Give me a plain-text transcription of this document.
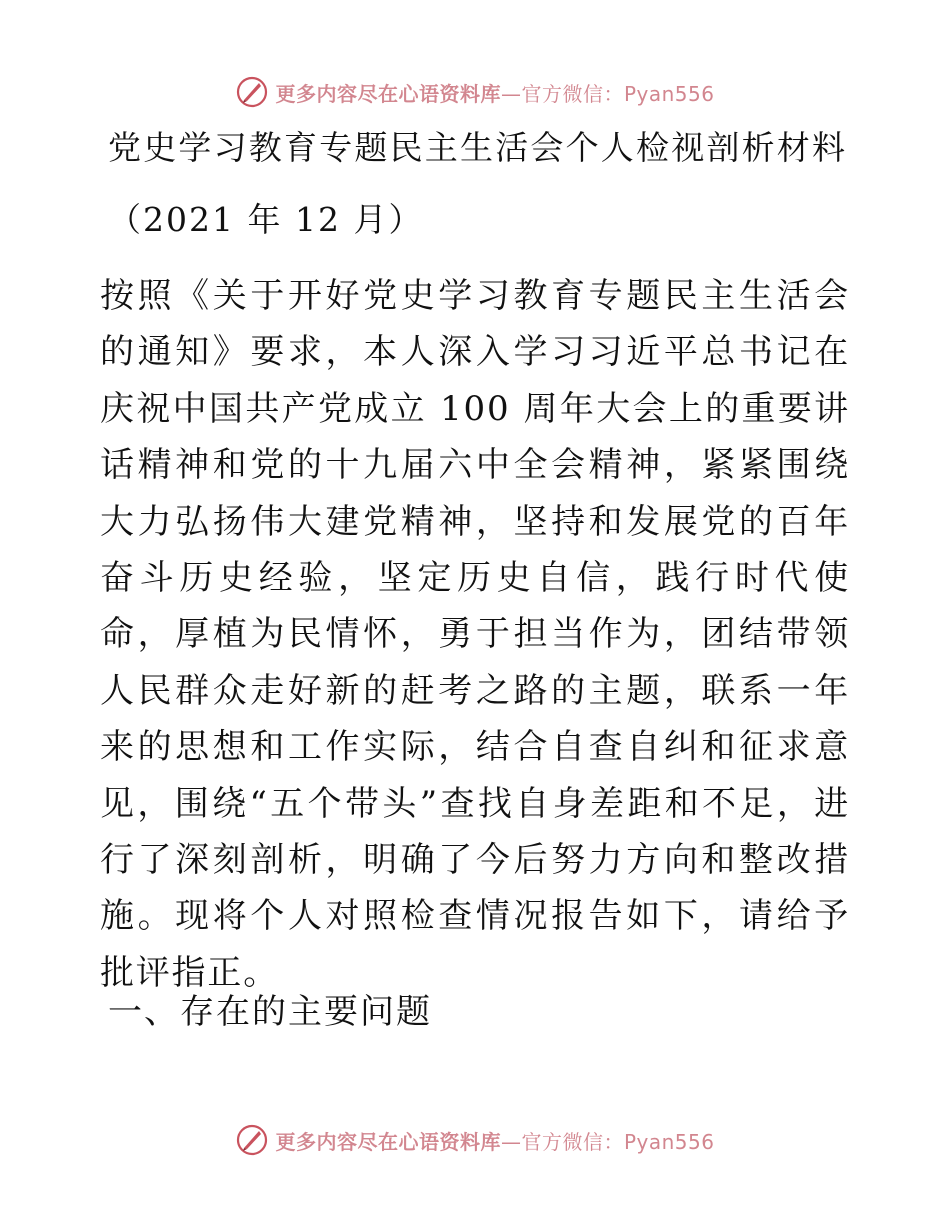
更多内容尽在心语资料库—官方微信：Pyan556
党史学习教育专题民主生活会个人检视剖析材料
（2021 年 12 月）
按照《关于开好党史学习教育专题民主生活会的通知》要求，本人深入学习习近平总书记在庆祝中国共产党成立 100 周年大会上的重要讲话精神和党的十九届六中全会精神，紧紧围绕大力弘扬伟大建党精神，坚持和发展党的百年奋斗历史经验，坚定历史自信，践行时代使命，厚植为民情怀，勇于担当作为，团结带领人民群众走好新的赶考之路的主题，联系一年来的思想和工作实际，结合自查自纠和征求意见，围绕“五个带头”查找自身差距和不足，进行了深刻剖析，明确了今后努力方向和整改措施。现将个人对照检查情况报告如下，请给予批评指正。
一、存在的主要问题
更多内容尽在心语资料库—官方微信：Pyan556
